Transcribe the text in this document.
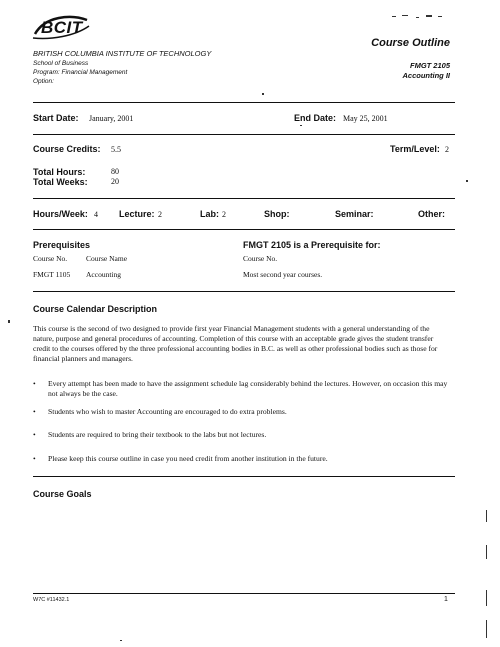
BCIT
BRITISH COLUMBIA INSTITUTE OF TECHNOLOGY
School of Business
Program: Financial Management
Option:
Course Outline
FMGT 2105
Accounting II
Start Date: January, 2001	End Date: May 25, 2001
Course Credits: 5.5	Term/Level: 2
Total Hours:	80
Total Weeks:	20
Hours/Week: 4 Lecture: 2	Lab: 2	Shop:	Seminar:	Other:
Prerequisites	FMGT 2105 is a Prerequisite for:
Course No.	Course Name	Course No.
FMGT 1105 Accounting	Most second year courses.
Course Calendar Description
This course is the second of two designed to provide first year Financial Management students with a general understanding of the nature, purpose and general procedures of accounting. Completion of this course with an acceptable grade gives the student transfer credit to the courses offered by the three professional accounting bodies in B.C. as well as other professional bodies such as those for financial planners and managers.
• Every attempt has been made to have the assignment schedule lag considerably behind the lectures. However, on occasion this may not always be the case.
• Students who wish to master Accounting are encouraged to do extra problems.
• Students are required to bring their textbook to the labs but not lectures.
• Please keep this course outline in case you need credit from another institution in the future.
Course Goals
W7C #11432.1	1
